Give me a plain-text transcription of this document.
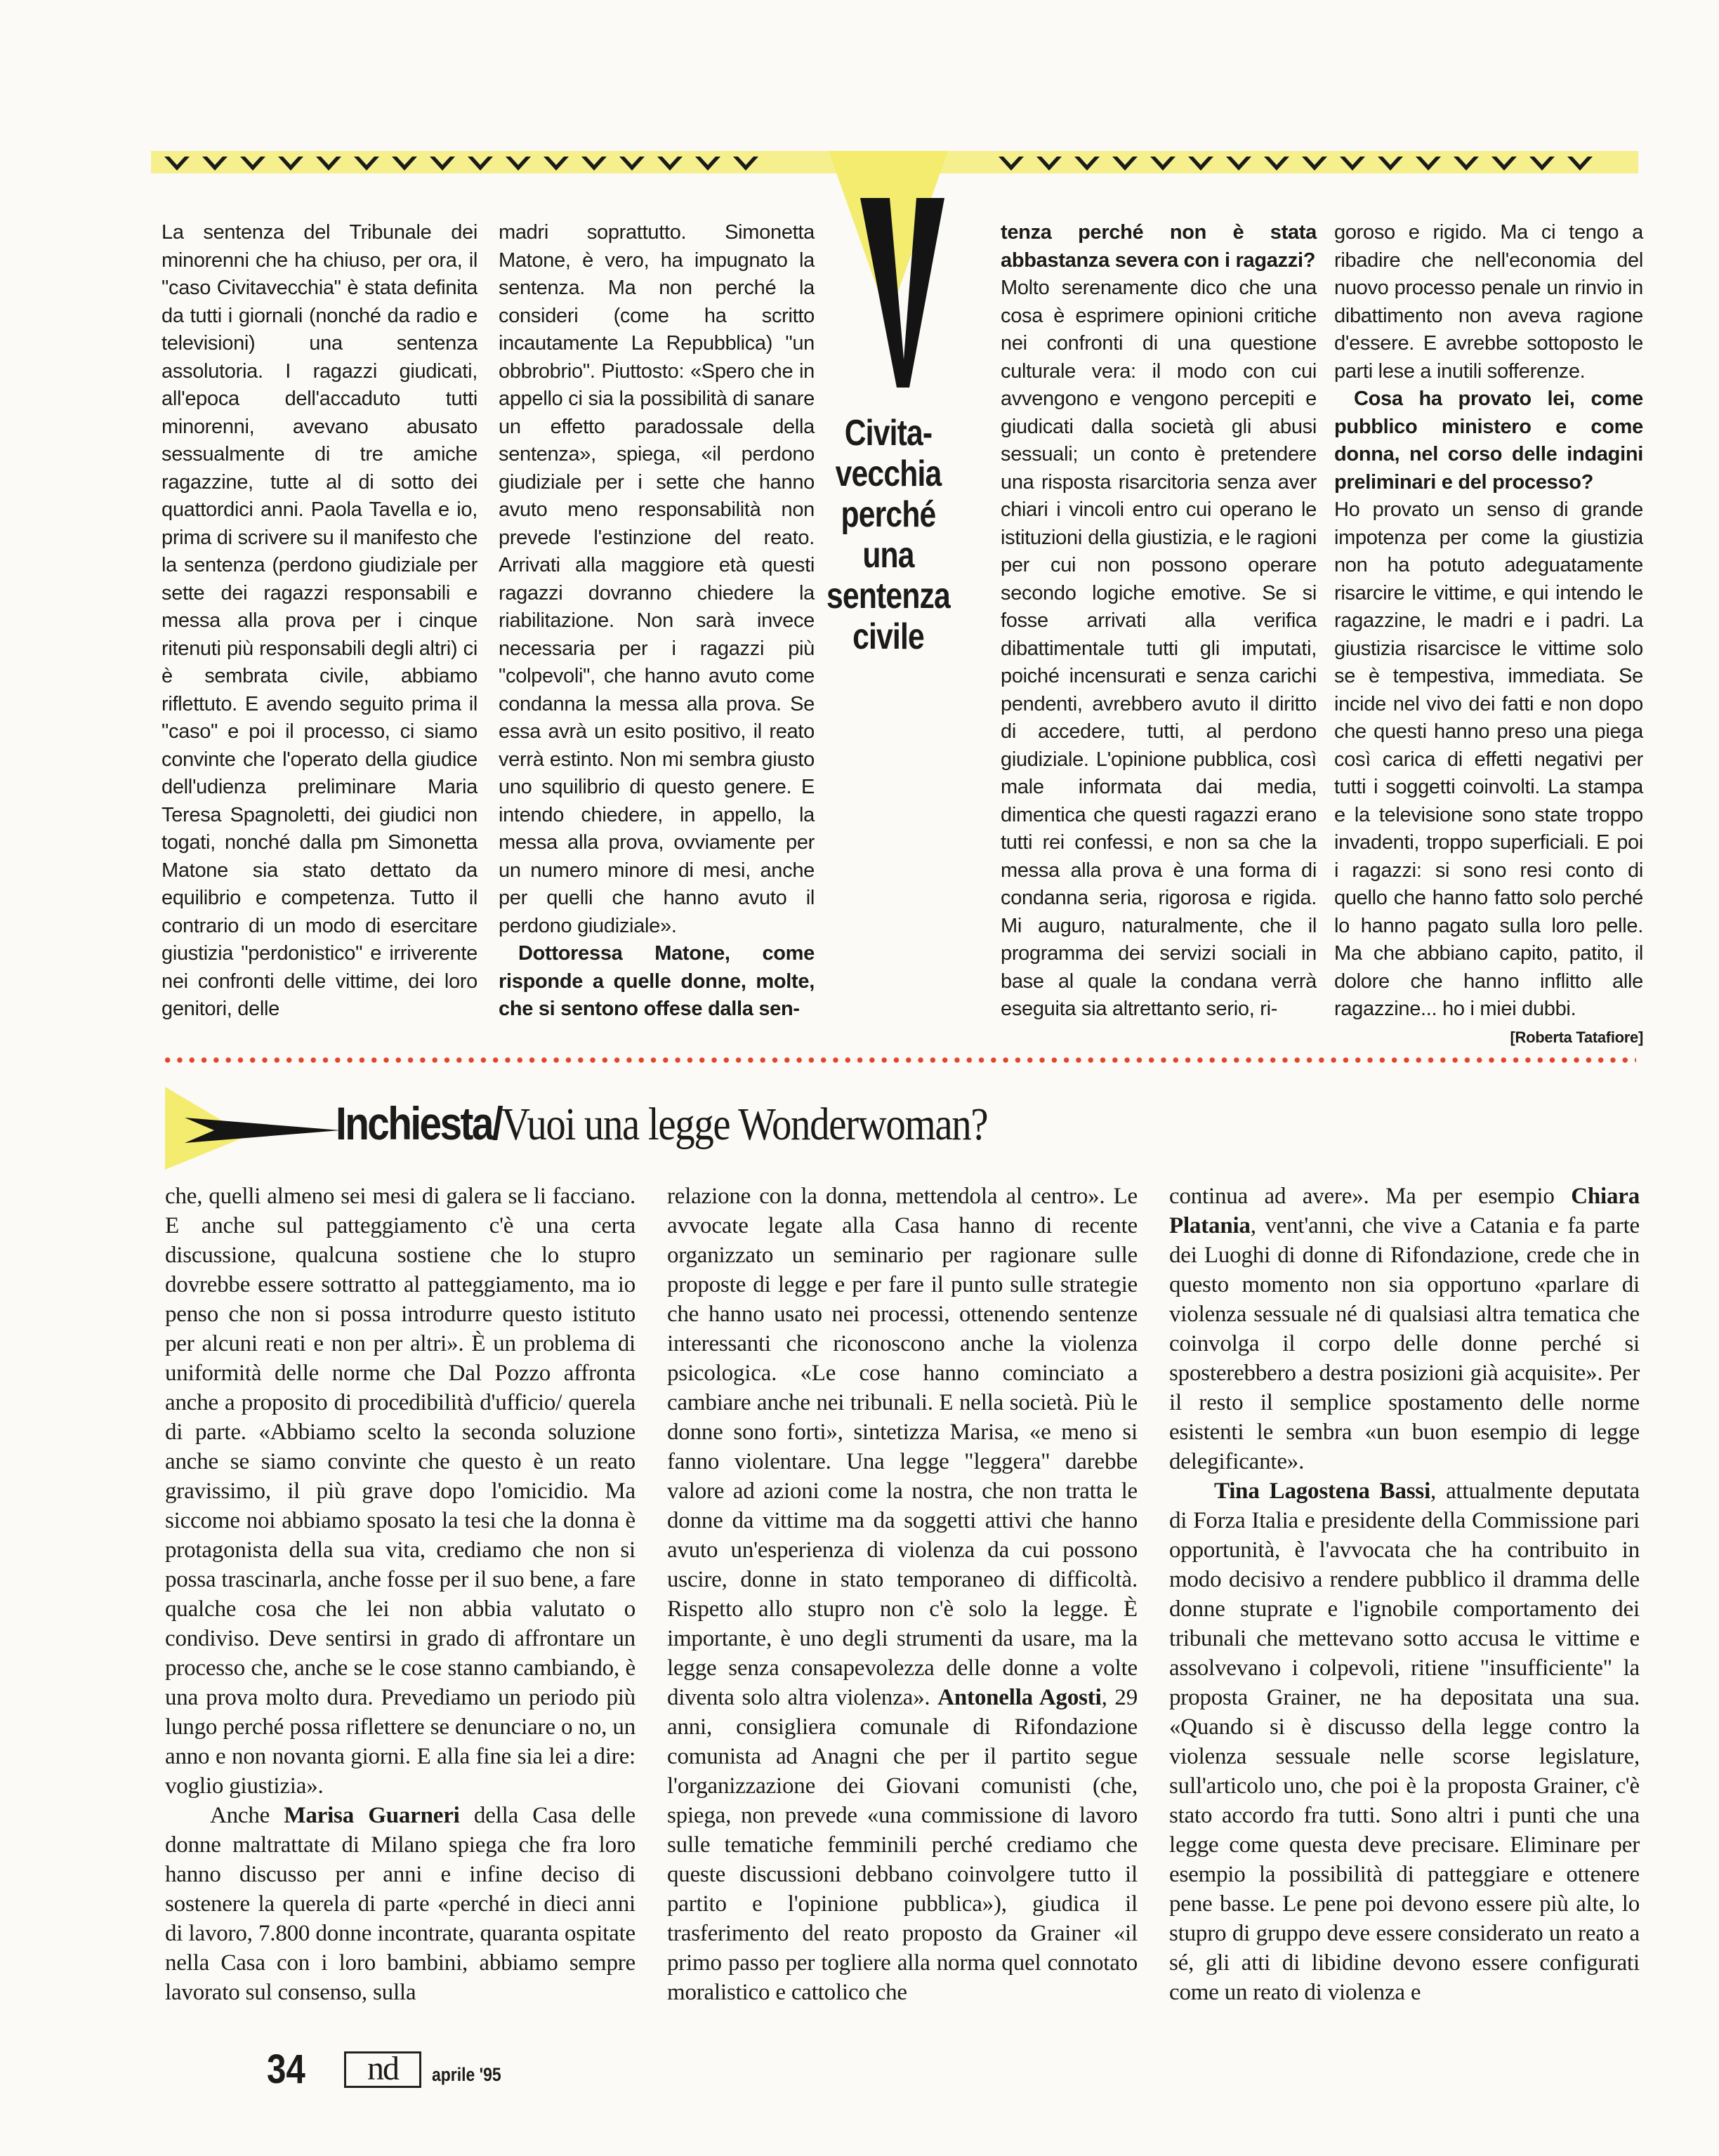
Civita-
vecchia
perché
una
sentenza
civile

La sentenza del Tribunale dei minorenni che ha chiuso, per ora, il "caso Civitavecchia" è stata definita da tutti i giornali (nonché da radio e televisioni) una sentenza assolutoria. I ragazzi giudicati, all'epoca dell'accaduto tutti minorenni, avevano abusato sessualmente di tre amiche ragazzine, tutte al di sotto dei quattordici anni. Paola Tavella e io, prima di scrivere su il manifesto che la sentenza (perdono giudiziale per sette dei ragazzi responsabili e messa alla prova per i cinque ritenuti più responsabili degli altri) ci è sembrata civile, abbiamo riflettuto. E avendo seguito prima il "caso" e poi il processo, ci siamo convinte che l'operato della giudice dell'udienza preliminare Maria Teresa Spagnoletti, dei giudici non togati, nonché dalla pm Simonetta Matone sia stato dettato da equilibrio e competenza. Tutto il contrario di un modo di esercitare giustizia "perdonistico" e irriverente nei confronti delle vittime, dei loro genitori, delle

madri soprattutto. Simonetta Matone, è vero, ha impugnato la sentenza. Ma non perché la consideri (come ha scritto incautamente La Repubblica) "un obbrobrio". Piuttosto: «Spero che in appello ci sia la possibilità di sanare un effetto paradossale della sentenza», spiega, «il perdono giudiziale per i sette che hanno avuto meno responsabilità non prevede l'estinzione del reato. Arrivati alla maggiore età questi ragazzi dovranno chiedere la riabilitazione. Non sarà invece necessaria per i ragazzi più "colpevoli", che hanno avuto come condanna la messa alla prova. Se essa avrà un esito positivo, il reato verrà estinto. Non mi sembra giusto uno squilibrio di questo genere. E intendo chiedere, in appello, la messa alla prova, ovviamente per un numero minore di mesi, anche per quelli che hanno avuto il perdono giudiziale».

Dottoressa Matone, come risponde a quelle donne, molte, che si sentono offese dalla sen-

tenza perché non è stata abbastanza severa con i ragazzi?

Molto serenamente dico che una cosa è esprimere opinioni critiche nei confronti di una questione culturale vera: il modo con cui avvengono e vengono percepiti e giudicati dalla società gli abusi sessuali; un conto è pretendere una risposta risarcitoria senza aver chiari i vincoli entro cui operano le istituzioni della giustizia, e le ragioni per cui non possono operare secondo logiche emotive. Se si fosse arrivati alla verifica dibattimentale tutti gli imputati, poiché incensurati e senza carichi pendenti, avrebbero avuto il diritto di accedere, tutti, al perdono giudiziale. L'opinione pubblica, così male informata dai media, dimentica che questi ragazzi erano tutti rei confessi, e non sa che la messa alla prova è una forma di condanna seria, rigorosa e rigida. Mi auguro, naturalmente, che il programma dei servizi sociali in base al quale la condana verrà eseguita sia altrettanto serio, ri-

goroso e rigido. Ma ci tengo a ribadire che nell'economia del nuovo processo penale un rinvio in dibattimento non aveva ragione d'essere. E avrebbe sottoposto le parti lese a inutili sofferenze.

Cosa ha provato lei, come pubblico ministero e come donna, nel corso delle indagini preliminari e del processo?

Ho provato un senso di grande impotenza per come la giustizia non ha potuto adeguatamente risarcire le vittime, e qui intendo le ragazzine, le madri e i padri. La giustizia risarcisce le vittime solo se è tempestiva, immediata. Se incide nel vivo dei fatti e non dopo che questi hanno preso una piega così carica di effetti negativi per tutti i soggetti coinvolti. La stampa e la televisione sono state troppo invadenti, troppo superficiali. E poi i ragazzi: si sono resi conto di quello che hanno fatto solo perché lo hanno pagato sulla loro pelle. Ma che abbiano capito, patito, il dolore che hanno inflitto alle ragazzine... ho i miei dubbi.

[Roberta Tatafiore]

Inchiesta/Vuoi una legge Wonderwoman?

che, quelli almeno sei mesi di galera se li facciano. E anche sul patteggiamento c'è una certa discussione, qualcuna sostiene che lo stupro dovrebbe essere sottratto al patteggiamento, ma io penso che non si possa introdurre questo istituto per alcuni reati e non per altri». È un problema di uniformità delle norme che Dal Pozzo affronta anche a proposito di procedibilità d'ufficio/ querela di parte. «Abbiamo scelto la seconda soluzione anche se siamo convinte che questo è un reato gravissimo, il più grave dopo l'omicidio. Ma siccome noi abbiamo sposato la tesi che la donna è protagonista della sua vita, crediamo che non si possa trascinarla, anche fosse per il suo bene, a fare qualche cosa che lei non abbia valutato o condiviso. Deve sentirsi in grado di affrontare un processo che, anche se le cose stanno cambiando, è una prova molto dura. Prevediamo un periodo più lungo perché possa riflettere se denunciare o no, un anno e non novanta giorni. E alla fine sia lei a dire: voglio giustizia».

Anche Marisa Guarneri della Casa delle donne maltrattate di Milano spiega che fra loro hanno discusso per anni e infine deciso di sostenere la querela di parte «perché in dieci anni di lavoro, 7.800 donne incontrate, quaranta ospitate nella Casa con i loro bambini, abbiamo sempre lavorato sul consenso, sulla

relazione con la donna, mettendola al centro». Le avvocate legate alla Casa hanno di recente organizzato un seminario per ragionare sulle proposte di legge e per fare il punto sulle strategie che hanno usato nei processi, ottenendo sentenze interessanti che riconoscono anche la violenza psicologica. «Le cose hanno cominciato a cambiare anche nei tribunali. E nella società. Più le donne sono forti», sintetizza Marisa, «e meno si fanno violentare. Una legge "leggera" darebbe valore ad azioni come la nostra, che non tratta le donne da vittime ma da soggetti attivi che hanno avuto un'esperienza di violenza da cui possono uscire, donne in stato temporaneo di difficoltà. Rispetto allo stupro non c'è solo la legge. È importante, è uno degli strumenti da usare, ma la legge senza consapevolezza delle donne a volte diventa solo altra violenza». Antonella Agosti, 29 anni, consigliera comunale di Rifondazione comunista ad Anagni che per il partito segue l'organizzazione dei Giovani comunisti (che, spiega, non prevede «una commissione di lavoro sulle tematiche femminili perché crediamo che queste discussioni debbano coinvolgere tutto il partito e l'opinione pubblica»), giudica il trasferimento del reato proposto da Grainer «il primo passo per togliere alla norma quel connotato moralistico e cattolico che

continua ad avere». Ma per esempio Chiara Platania, vent'anni, che vive a Catania e fa parte dei Luoghi di donne di Rifondazione, crede che in questo momento non sia opportuno «parlare di violenza sessuale né di qualsiasi altra tematica che coinvolga il corpo delle donne perché si sposterebbero a destra posizioni già acquisite». Per il resto il semplice spostamento delle norme esistenti le sembra «un buon esempio di legge delegificante».

Tina Lagostena Bassi, attualmente deputata di Forza Italia e presidente della Commissione pari opportunità, è l'avvocata che ha contribuito in modo decisivo a rendere pubblico il dramma delle donne stuprate e l'ignobile comportamento dei tribunali che mettevano sotto accusa le vittime e assolvevano i colpevoli, ritiene "insufficiente" la proposta Grainer, ne ha depositata una sua. «Quando si è discusso della legge contro la violenza sessuale nelle scorse legislature, sull'articolo uno, che poi è la proposta Grainer, c'è stato accordo fra tutti. Sono altri i punti che una legge come questa deve precisare. Eliminare per esempio la possibilità di patteggiare e ottenere pene basse. Le pene poi devono essere più alte, lo stupro di gruppo deve essere considerato un reato a sé, gli atti di libidine devono essere configurati come un reato di violenza e

34	nd	aprile '95
